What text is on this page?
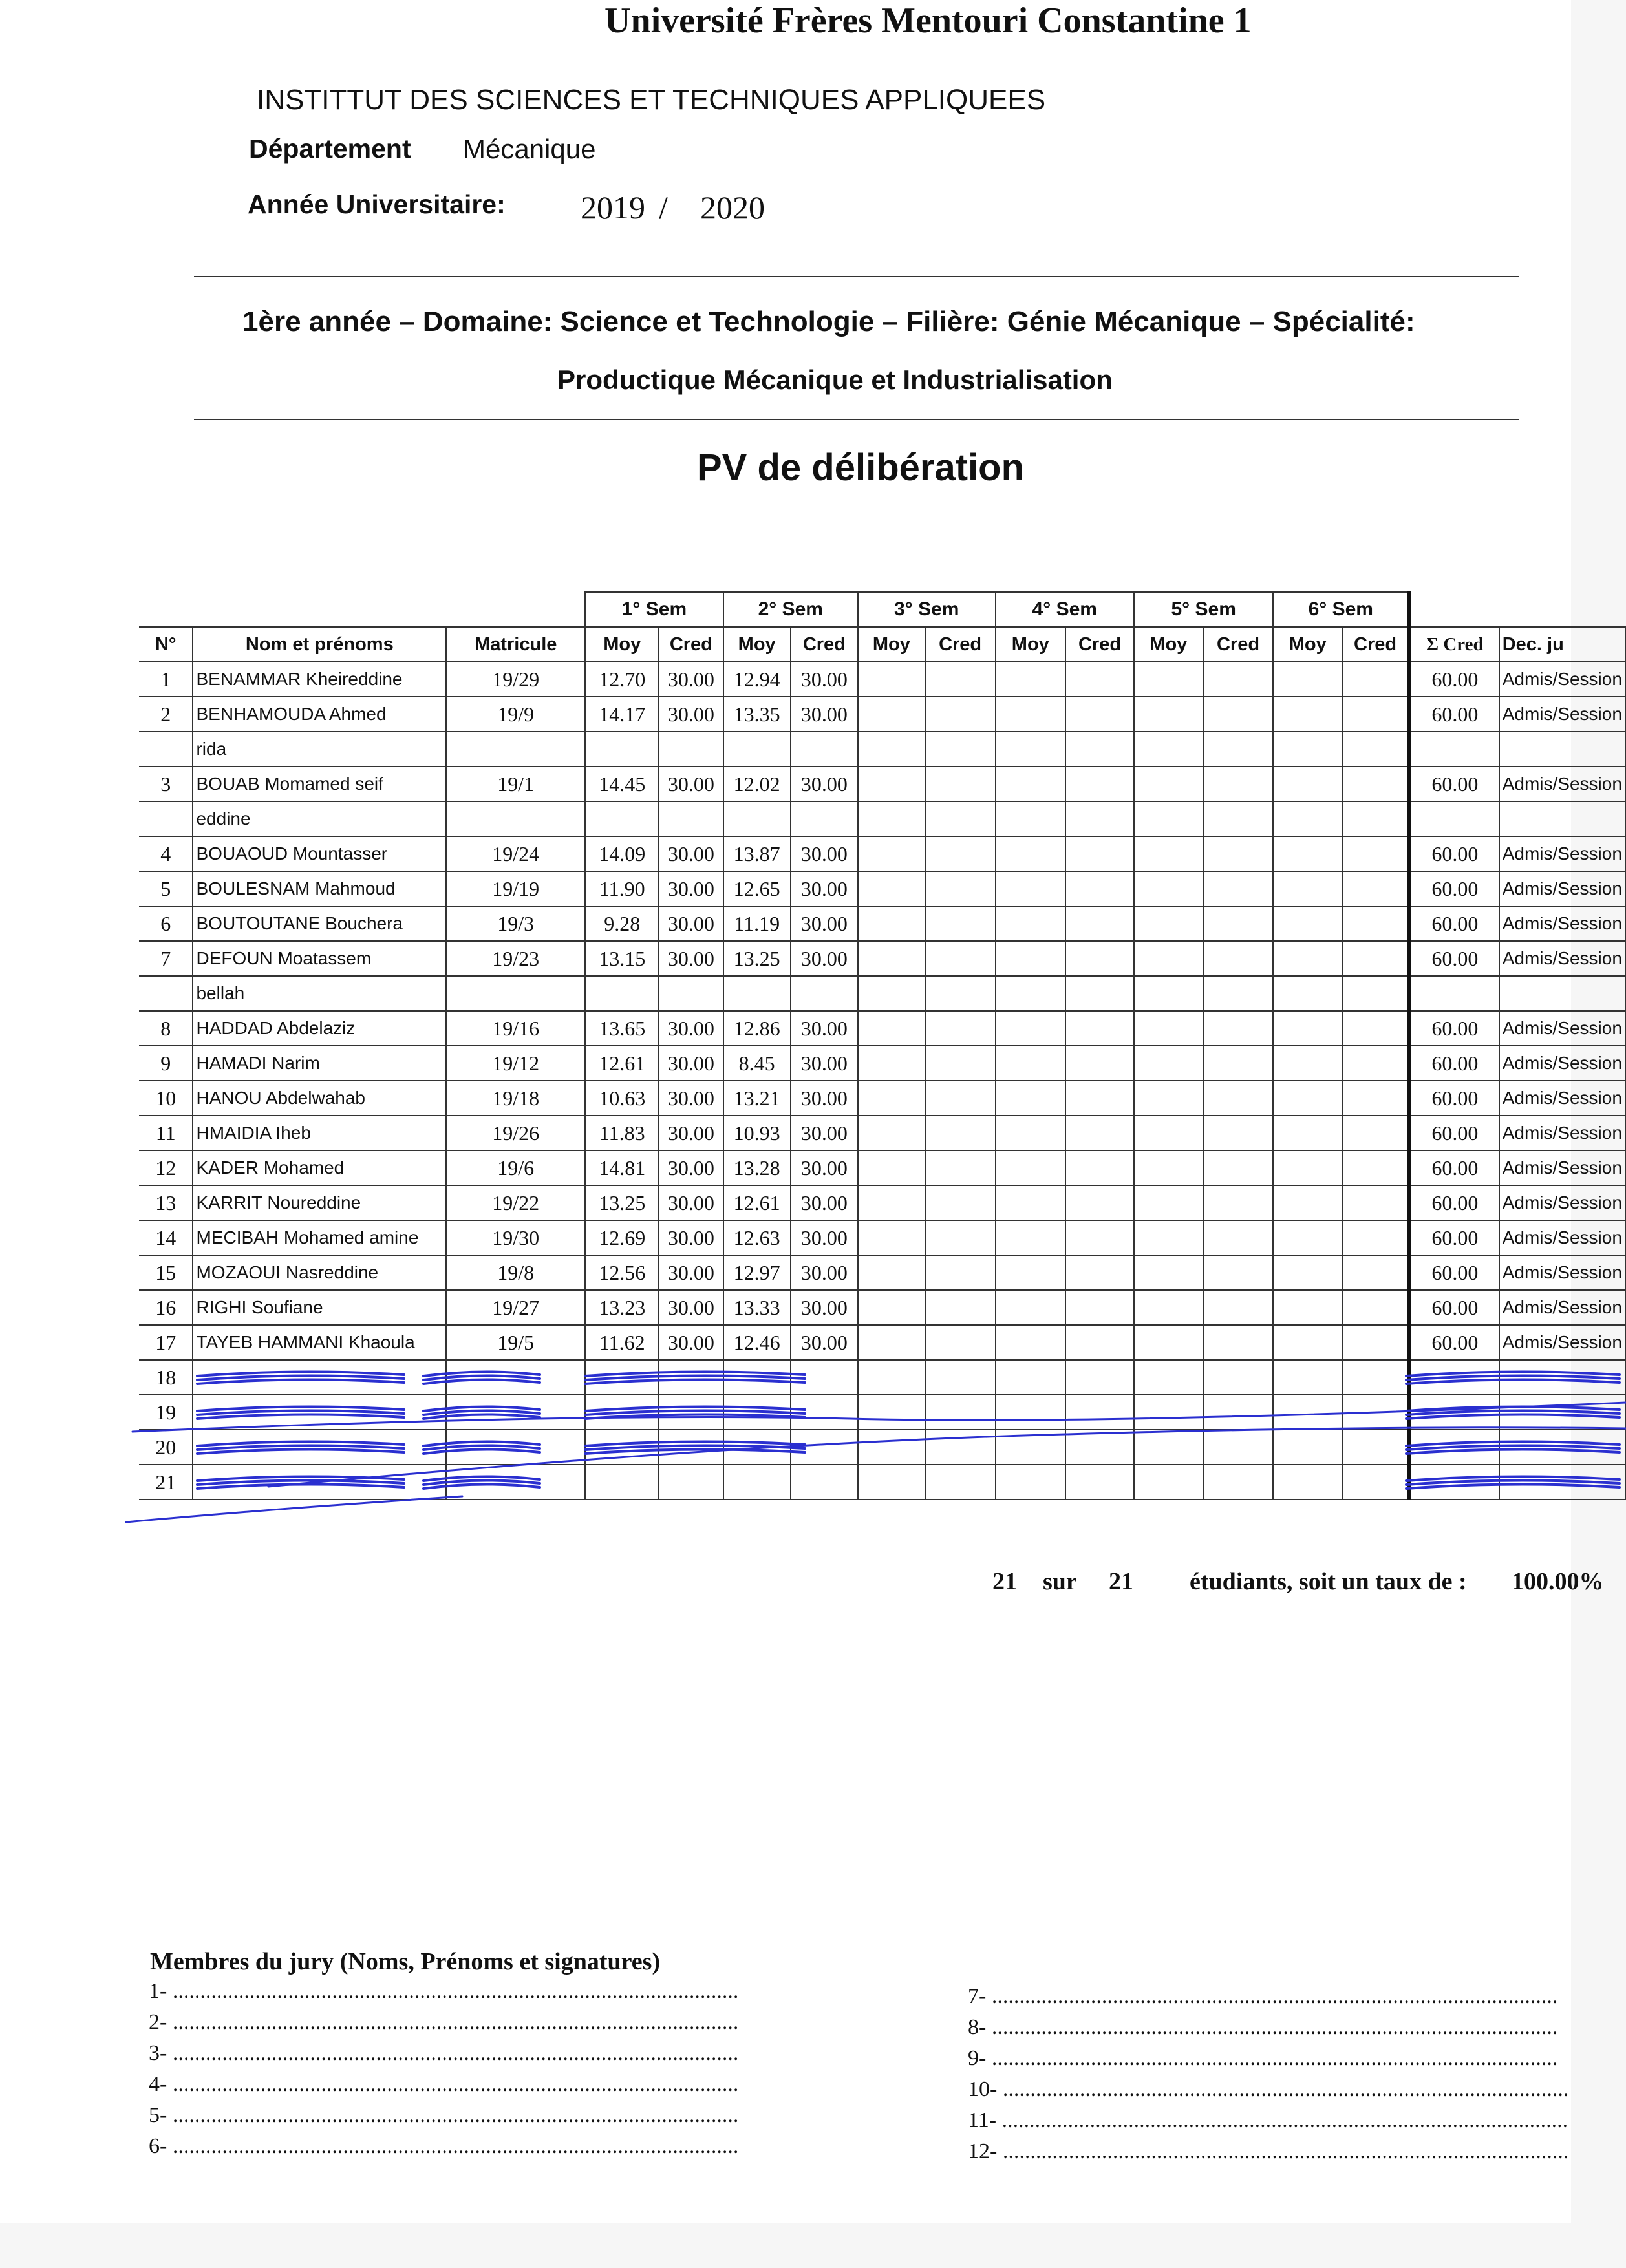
Université Frères Mentouri Constantine 1
INSTITTUT DES SCIENCES ET TECHNIQUES APPLIQUEES
Département Mécanique
Année Universitaire: 2019 / 2020
1ère année – Domaine: Science et Technologie – Filière: Génie Mécanique – Spécialité:
Productique Mécanique et Industrialisation
PV de délibération
			1° Sem		2° Sem		3° Sem		4° Sem		5° Sem		6° Sem			
N°	Nom et prénoms	Matricule	Moy	Cred	Moy	Cred	Moy	Cred	Moy	Cred	Moy	Cred	Moy	Cred	Σ Cred	Dec. ju
1	BENAMMAR Kheireddine	19/29	12.70	30.00	12.94	30.00									60.00	Admis/Session
2	BENHAMOUDA Ahmed	19/9	14.17	30.00	13.35	30.00									60.00	Admis/Session
	rida															
3	BOUAB Momamed seif	19/1	14.45	30.00	12.02	30.00									60.00	Admis/Session
	eddine															
4	BOUAOUD Mountasser	19/24	14.09	30.00	13.87	30.00									60.00	Admis/Session
5	BOULESNAM Mahmoud	19/19	11.90	30.00	12.65	30.00									60.00	Admis/Session
6	BOUTOUTANE Bouchera	19/3	9.28	30.00	11.19	30.00									60.00	Admis/Session
7	DEFOUN Moatassem	19/23	13.15	30.00	13.25	30.00									60.00	Admis/Session
	bellah															
8	HADDAD Abdelaziz	19/16	13.65	30.00	12.86	30.00									60.00	Admis/Session
9	HAMADI Narim	19/12	12.61	30.00	8.45	30.00									60.00	Admis/Session
10	HANOU Abdelwahab	19/18	10.63	30.00	13.21	30.00									60.00	Admis/Session
11	HMAIDIA Iheb	19/26	11.83	30.00	10.93	30.00									60.00	Admis/Session
12	KADER Mohamed	19/6	14.81	30.00	13.28	30.00									60.00	Admis/Session
13	KARRIT Noureddine	19/22	13.25	30.00	12.61	30.00									60.00	Admis/Session
14	MECIBAH Mohamed amine	19/30	12.69	30.00	12.63	30.00									60.00	Admis/Session
15	MOZAOUI Nasreddine	19/8	12.56	30.00	12.97	30.00									60.00	Admis/Session
16	RIGHI Soufiane	19/27	13.23	30.00	13.33	30.00									60.00	Admis/Session
17	TAYEB HAMMANI Khaoula	19/5	11.62	30.00	12.46	30.00									60.00	Admis/Session
18																
19																
20																
21																
21 sur 21 étudiants, soit un taux de : 100.00%
Membres du jury (Noms, Prénoms et signatures)
1- .......................................................................................................
2- .......................................................................................................
3- .......................................................................................................
4- .......................................................................................................
5- .......................................................................................................
6- .......................................................................................................
7- .......................................................................................................
8- .......................................................................................................
9- .......................................................................................................
10- .......................................................................................................
11- .......................................................................................................
12- .......................................................................................................
